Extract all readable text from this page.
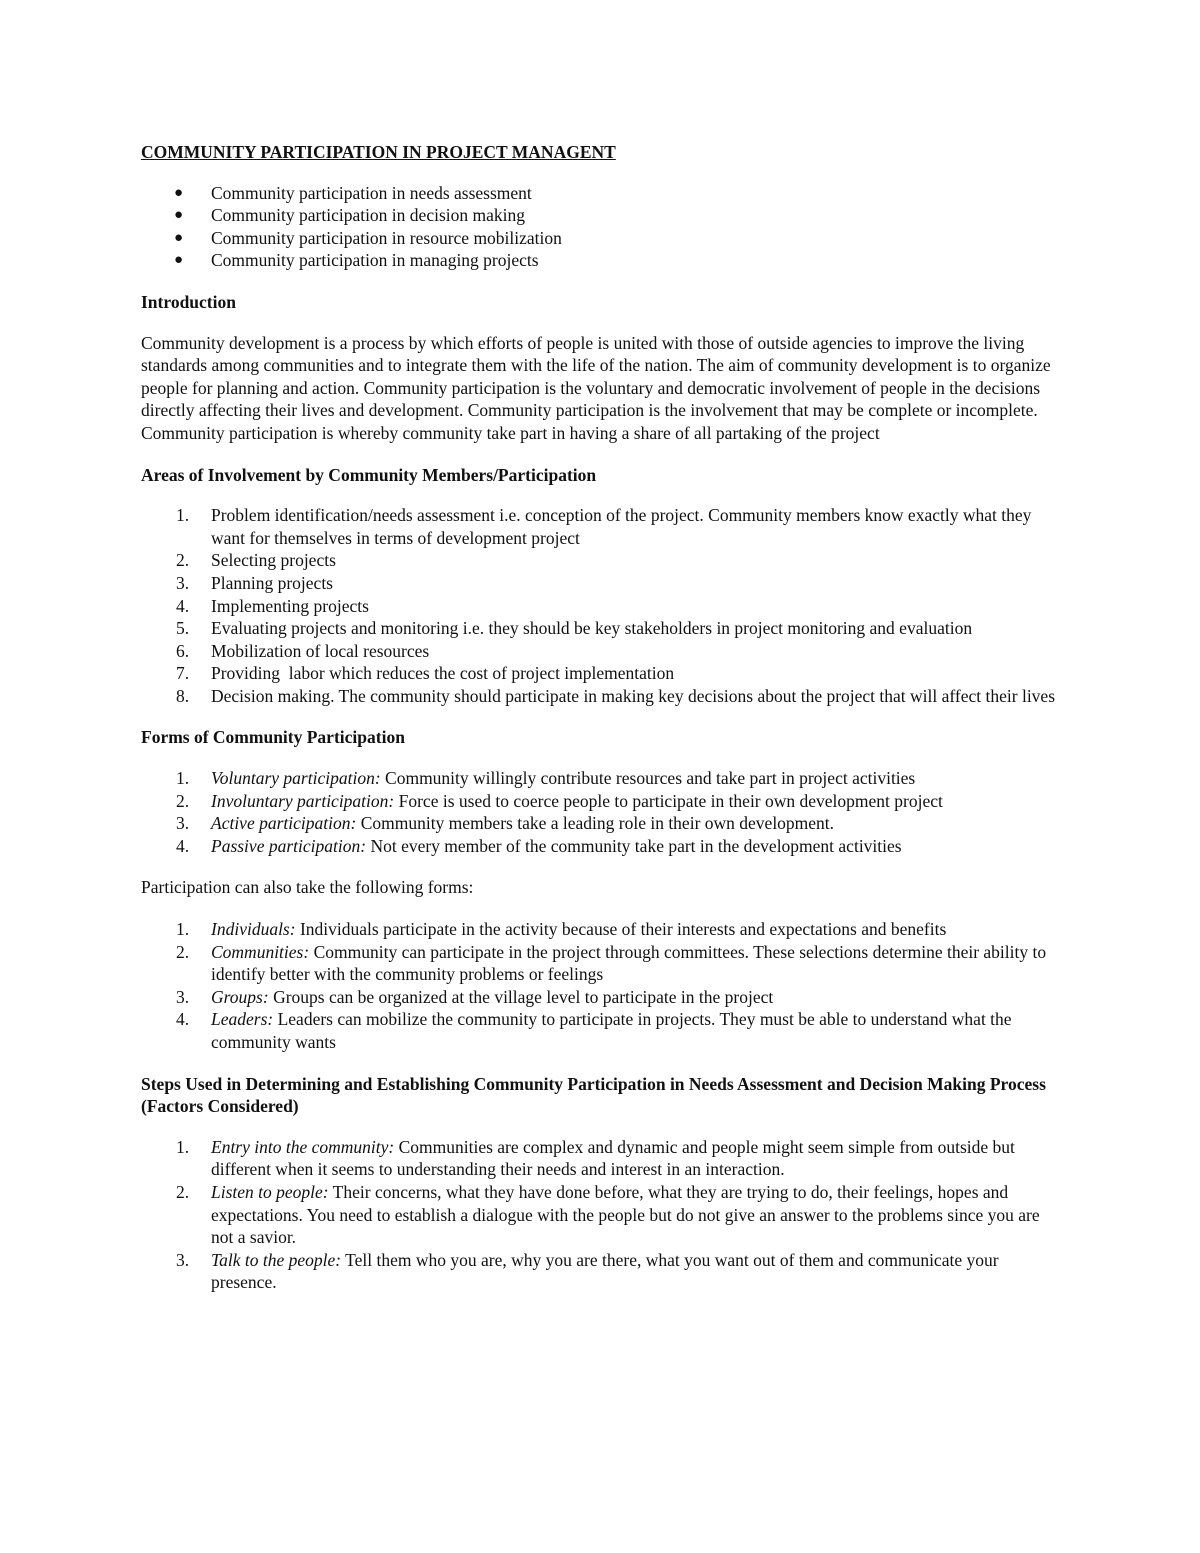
COMMUNITY PARTICIPATION IN PROJECT MANAGENT
● Community participation in needs assessment
● Community participation in decision making
● Community participation in resource mobilization
● Community participation in managing projects
Introduction

Community development is a process by which efforts of people is united with those of outside agencies to improve the living standards among communities and to integrate them with the life of the nation. The aim of community development is to organize people for planning and action. Community participation is the voluntary and democratic involvement of people in the decisions directly affecting their lives and development. Community participation is the involvement that may be complete or incomplete. Community participation is whereby community take part in having a share of all partaking of the project

Areas of Involvement by Community Members/Participation
1. Problem identification/needs assessment i.e. conception of the project. Community members know exactly what they want for themselves in terms of development project
2. Selecting projects
3. Planning projects
4. Implementing projects
5. Evaluating projects and monitoring i.e. they should be key stakeholders in project monitoring and evaluation
6. Mobilization of local resources
7. Providing  labor which reduces the cost of project implementation
8. Decision making. The community should participate in making key decisions about the project that will affect their lives
Forms of Community Participation
1. Voluntary participation: Community willingly contribute resources and take part in project activities
2. Involuntary participation: Force is used to coerce people to participate in their own development project
3. Active participation: Community members take a leading role in their own development.
4. Passive participation: Not every member of the community take part in the development activities

Participation can also take the following forms:

1. Individuals: Individuals participate in the activity because of their interests and expectations and benefits
2. Communities: Community can participate in the project through committees. These selections determine their ability to identify better with the community problems or feelings
3. Groups: Groups can be organized at the village level to participate in the project
4. Leaders: Leaders can mobilize the community to participate in projects. They must be able to understand what the community wants
Steps Used in Determining and Establishing Community Participation in Needs Assessment and Decision Making Process (Factors Considered)
1. Entry into the community: Communities are complex and dynamic and people might seem simple from outside but different when it seems to understanding their needs and interest in an interaction.
2. Listen to people: Their concerns, what they have done before, what they are trying to do, their feelings, hopes and expectations. You need to establish a dialogue with the people but do not give an answer to the problems since you are not a savior.
3. Talk to the people: Tell them who you are, why you are there, what you want out of them and communicate your presence.
